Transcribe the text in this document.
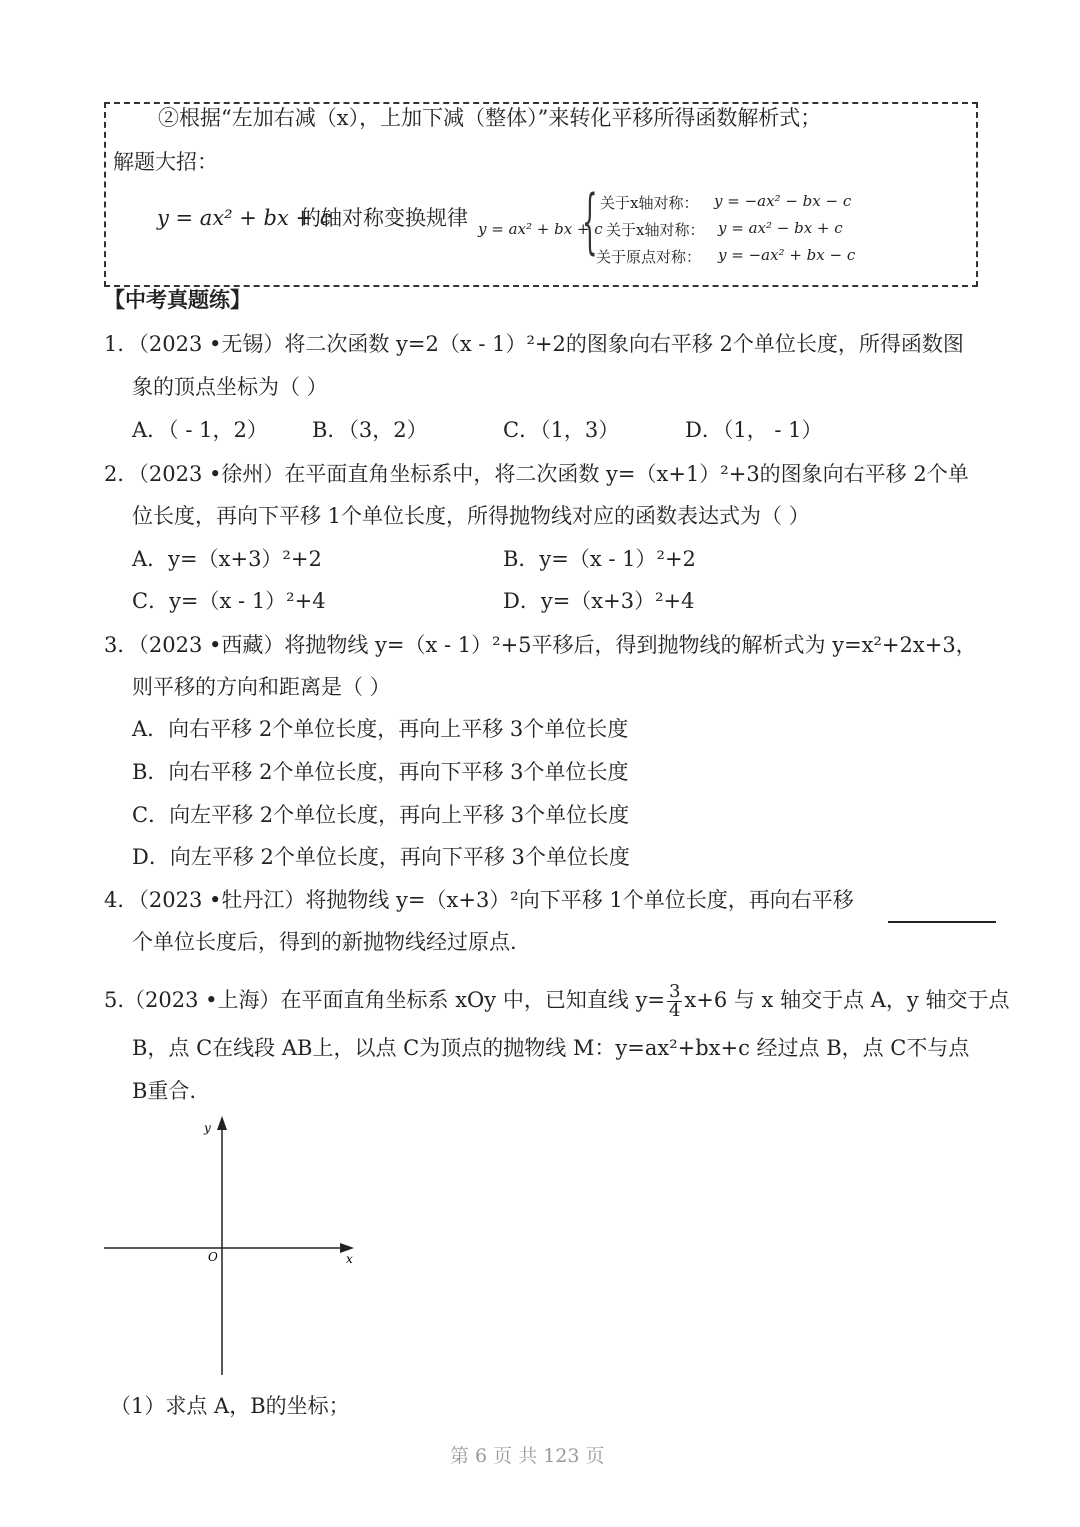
②根据“左加右减（x），上加下减（整体）”来转化平移所得函数解析式；
解题大招：
y = ax² + bx + c
的轴对称变换规律 y = ax² + bx + c
{ 关于x轴对称： y = −ax² − bx − c
关于x轴对称： y = ax² − bx + c
关于原点对称： y = −ax² + bx − c
【中考真题练】
1．（2023 •无锡）将二次函数 y=2（x - 1）²+2的图象向右平移 2个单位长度，所得函数图
象的顶点坐标为（ ）
A．（ - 1，2） B．（3，2）	C．（1，3）	D．（1， - 1）
2．（2023 •徐州）在平面直角坐标系中，将二次函数 y=（x+1）²+3的图象向右平移 2个单
位长度，再向下平移 1个单位长度，所得抛物线对应的函数表达式为（ ）
A．y=（x+3）²+2	B．y=（x - 1）²+2
C．y=（x - 1）²+4	D．y=（x+3）²+4
3．（2023 •西藏）将抛物线 y=（x - 1）²+5平移后，得到抛物线的解析式为 y=x²+2x+3，
则平移的方向和距离是（ ）
A．向右平移 2个单位长度，再向上平移 3个单位长度
B．向右平移 2个单位长度，再向下平移 3个单位长度
C．向左平移 2个单位长度，再向上平移 3个单位长度
D．向左平移 2个单位长度，再向下平移 3个单位长度
4．（2023 •牡丹江）将抛物线 y=（x+3）²向下平移 1个单位长度，再向右平移
个单位长度后，得到的新抛物线经过原点.
5.（2023 •上海）在平面直角坐标系 xOy 中，已知直线 $y= \frac{3}{4} x+6$ 与 x 轴交于点 A，y 轴交于点
B，点 C在线段 AB上，以点 C为顶点的抛物线 M：y=ax²+bx+c 经过点 B，点 C不与点
B重合.
y
x
O
（1）求点 A，B的坐标；
第 6 页 共 123 页
